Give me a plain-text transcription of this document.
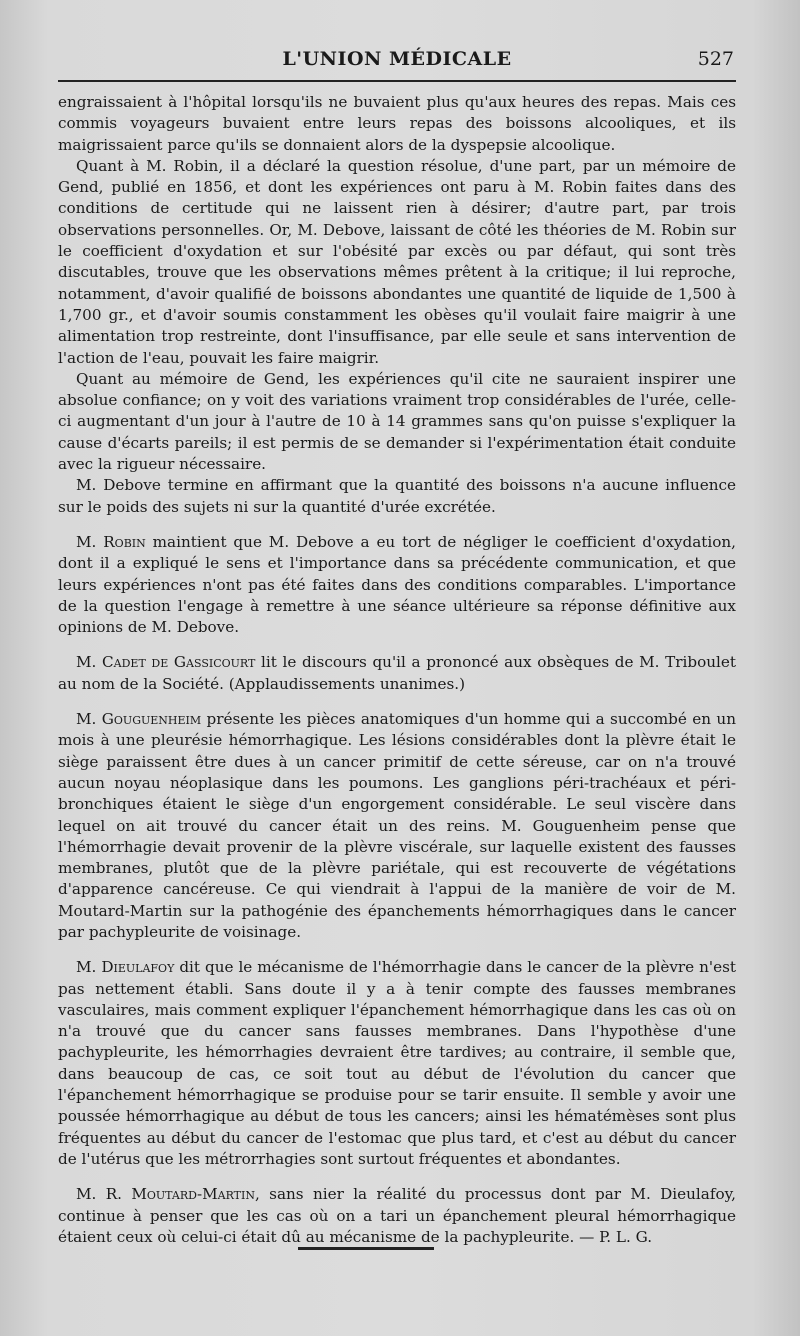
L'UNION MÉDICALE	527

engraissaient à l'hôpital lorsqu'ils ne buvaient plus qu'aux heures des repas. Mais ces commis voyageurs buvaient entre leurs repas des boissons alcooliques, et ils maigrissaient parce qu'ils se donnaient alors de la dyspepsie alcoolique.

Quant à M. Robin, il a déclaré la question résolue, d'une part, par un mémoire de Gend, publié en 1856, et dont les expériences ont paru à M. Robin faites dans des conditions de certitude qui ne laissent rien à désirer; d'autre part, par trois observations personnelles. Or, M. Debove, laissant de côté les théories de M. Robin sur le coefficient d'oxydation et sur l'obésité par excès ou par défaut, qui sont très discutables, trouve que les observations mêmes prêtent à la critique; il lui reproche, notamment, d'avoir qualifié de boissons abondantes une quantité de liquide de 1,500 à 1,700 gr., et d'avoir soumis constamment les obèses qu'il voulait faire maigrir à une alimentation trop restreinte, dont l'insuffisance, par elle seule et sans intervention de l'action de l'eau, pouvait les faire maigrir.

Quant au mémoire de Gend, les expériences qu'il cite ne sauraient inspirer une absolue confiance; on y voit des variations vraiment trop considérables de l'urée, celle-ci augmentant d'un jour à l'autre de 10 à 14 grammes sans qu'on puisse s'expliquer la cause d'écarts pareils; il est permis de se demander si l'expérimentation était conduite avec la rigueur nécessaire.

M. Debove termine en affirmant que la quantité des boissons n'a aucune influence sur le poids des sujets ni sur la quantité d'urée excrétée.

M. Robin maintient que M. Debove a eu tort de négliger le coefficient d'oxydation, dont il a expliqué le sens et l'importance dans sa précédente communication, et que leurs expériences n'ont pas été faites dans des conditions comparables. L'importance de la question l'engage à remettre à une séance ultérieure sa réponse définitive aux opinions de M. Debove.

M. Cadet de Gassicourt lit le discours qu'il a prononcé aux obsèques de M. Triboulet au nom de la Société. (Applaudissements unanimes.)

M. Gouguenheim présente les pièces anatomiques d'un homme qui a succombé en un mois à une pleurésie hémorrhagique. Les lésions considérables dont la plèvre était le siège paraissent être dues à un cancer primitif de cette séreuse, car on n'a trouvé aucun noyau néoplasique dans les poumons. Les ganglions péri-trachéaux et péri-bronchiques étaient le siège d'un engorgement considérable. Le seul viscère dans lequel on ait trouvé du cancer était un des reins. M. Gouguenheim pense que l'hémorrhagie devait provenir de la plèvre viscérale, sur laquelle existent des fausses membranes, plutôt que de la plèvre pariétale, qui est recouverte de végétations d'apparence cancéreuse. Ce qui viendrait à l'appui de la manière de voir de M. Moutard-Martin sur la pathogénie des épanchements hémorrhagiques dans le cancer par pachypleurite de voisinage.

M. Dieulafoy dit que le mécanisme de l'hémorrhagie dans le cancer de la plèvre n'est pas nettement établi. Sans doute il y a à tenir compte des fausses membranes vasculaires, mais comment expliquer l'épanchement hémorrhagique dans les cas où on n'a trouvé que du cancer sans fausses membranes. Dans l'hypothèse d'une pachypleurite, les hémorrhagies devraient être tardives; au contraire, il semble que, dans beaucoup de cas, ce soit tout au début de l'évolution du cancer que l'épanchement hémorrhagique se produise pour se tarir ensuite. Il semble y avoir une poussée hémorrhagique au début de tous les cancers; ainsi les hématémèses sont plus fréquentes au début du cancer de l'estomac que plus tard, et c'est au début du cancer de l'utérus que les métrorrhagies sont surtout fréquentes et abondantes.

M. R. Moutard-Martin, sans nier la réalité du processus dont par M. Dieulafoy, continue à penser que les cas où on a tari un épanchement pleural hémorrhagique étaient ceux où celui-ci était dû au mécanisme de la pachypleurite. — P. L. G.
